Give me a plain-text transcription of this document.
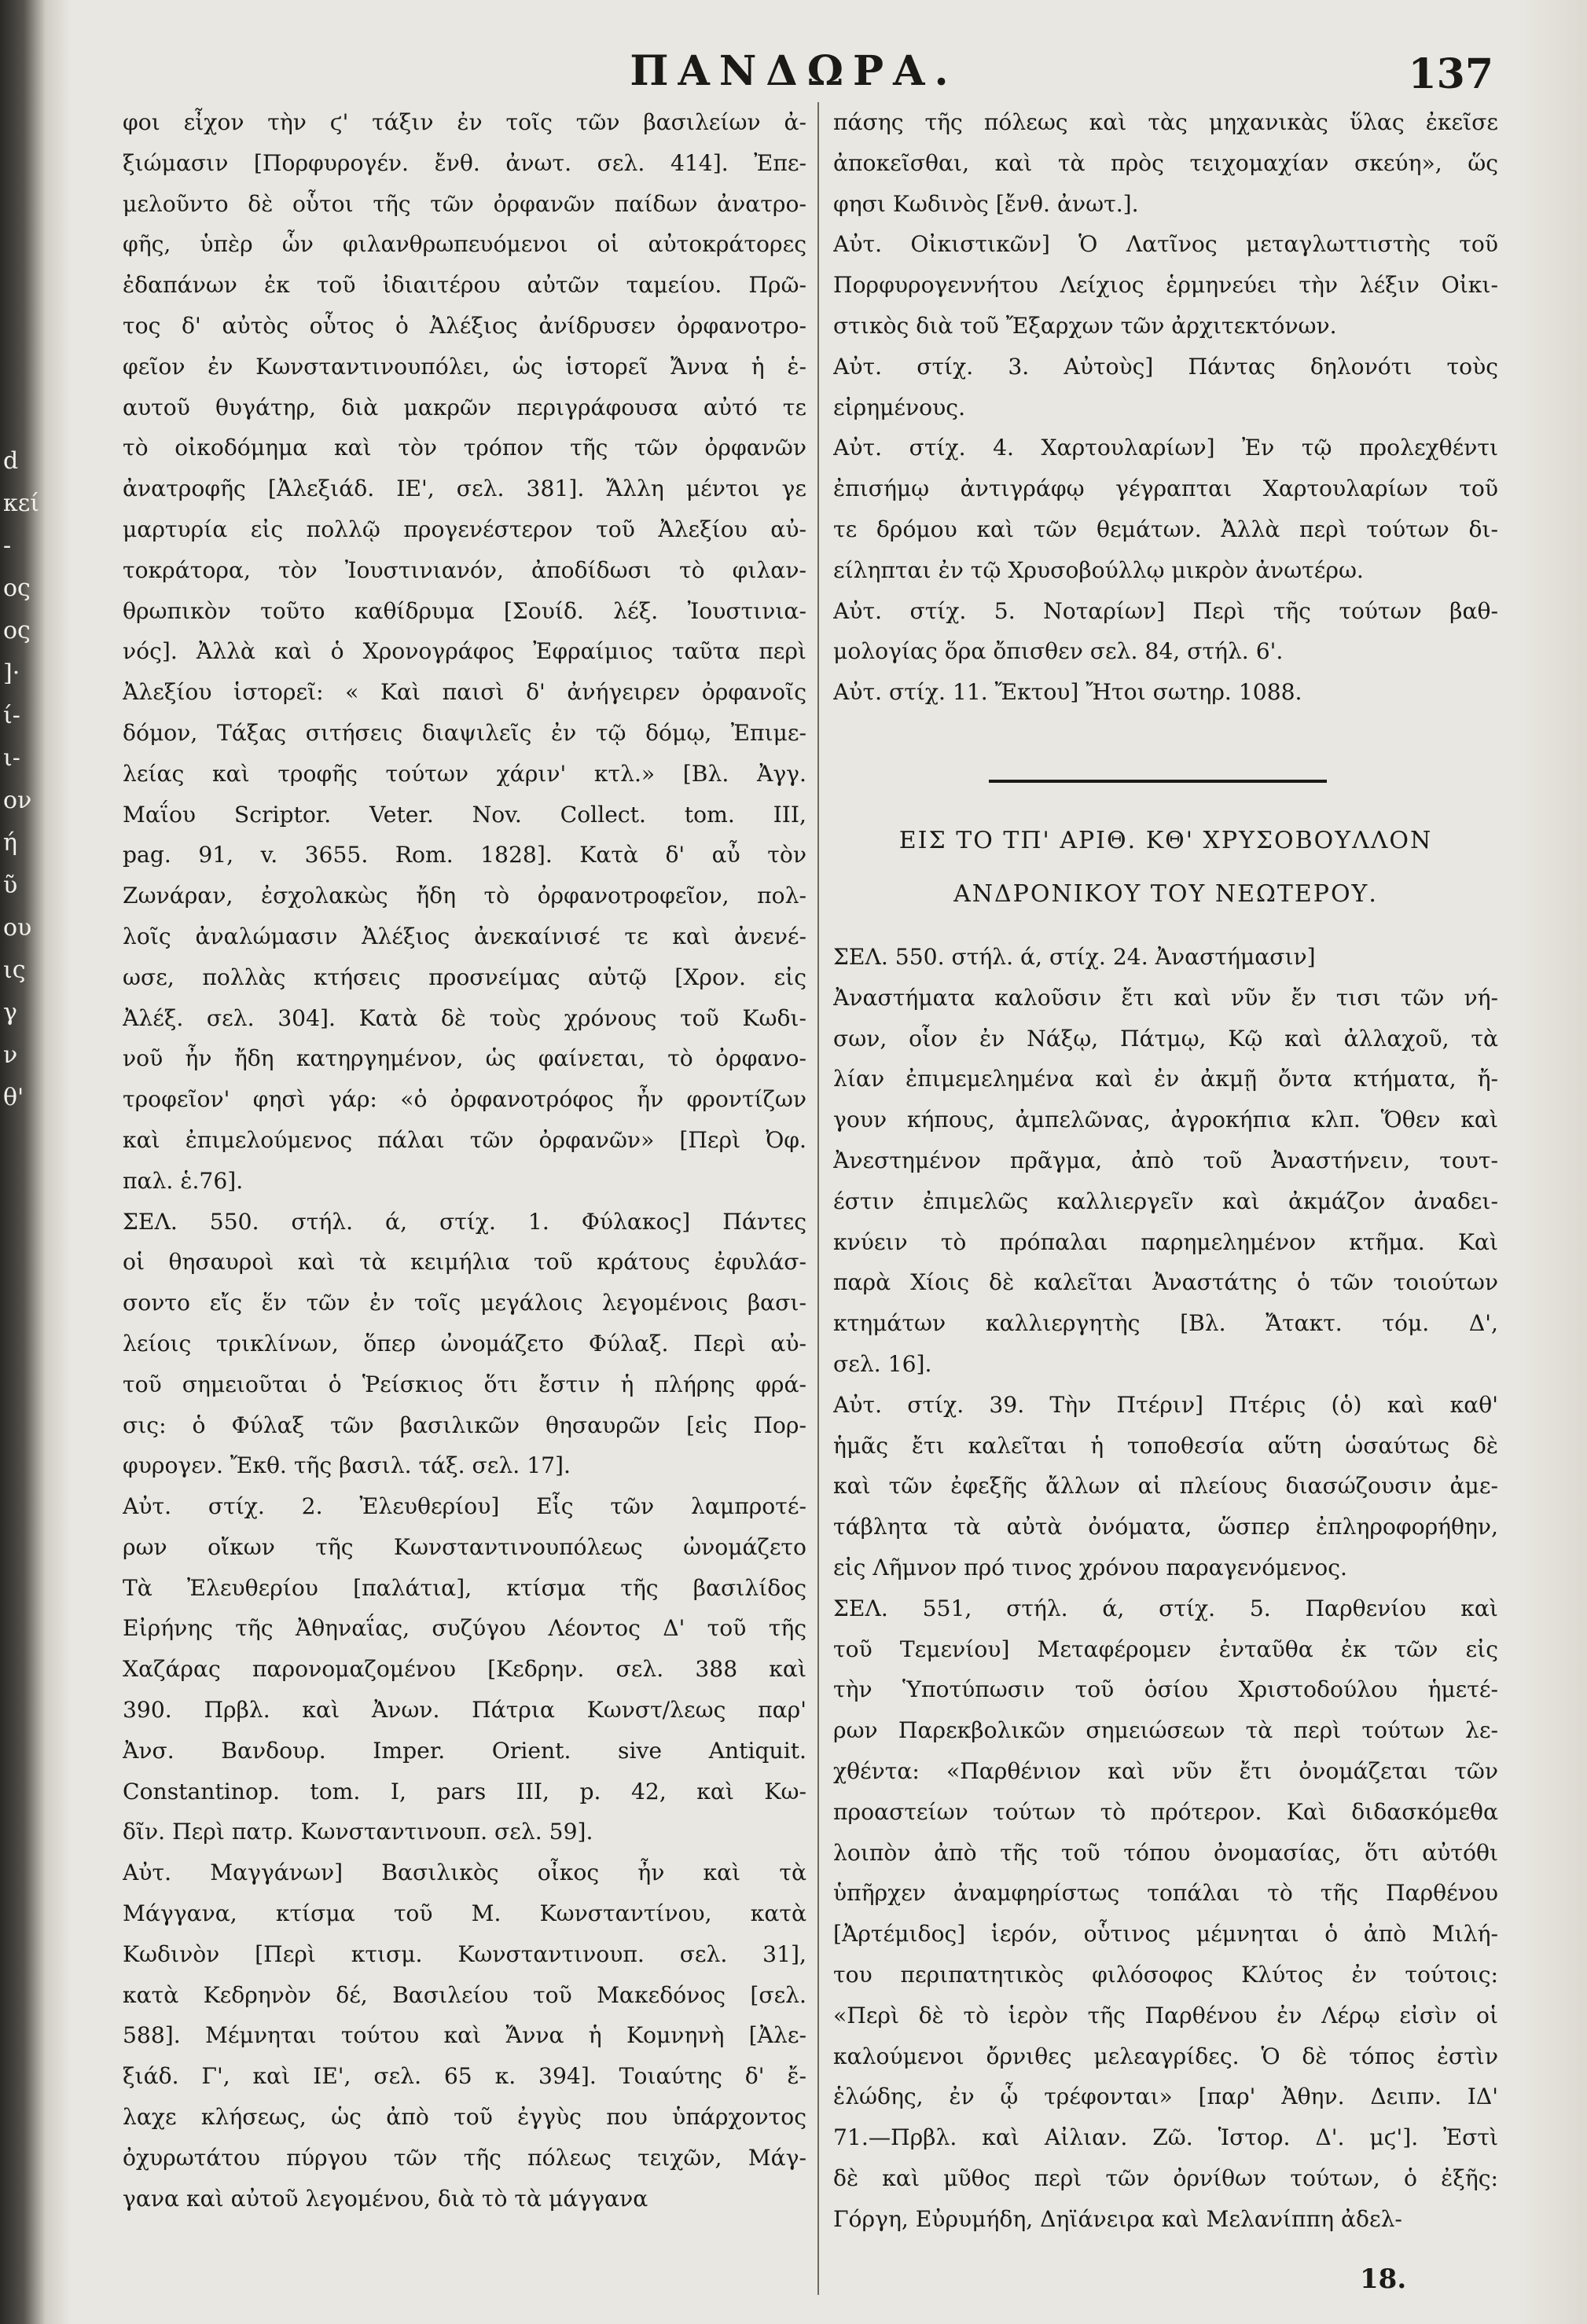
d
κεί
-
ος
ος
]·
ί-
ι-
ον
ή
ῦ
ου
ις
γ
ν
θ'
ΠΑΝΔΩΡΑ.	137
φοι εἶχον τὴν ϛ' τάξιν ἐν τοῖς τῶν βασιλείων ἀ-
ξιώμασιν [Πορφυρογέν. ἔνθ. ἀνωτ. σελ. 414]. Ἐπε-
μελοῦντο δὲ οὗτοι τῆς τῶν ὀρφανῶν παίδων ἀνατρο-
φῆς, ὑπὲρ ὧν φιλανθρωπευόμενοι οἱ αὐτοκράτορες
ἐδαπάνων ἐκ τοῦ ἰδιαιτέρου αὐτῶν ταμείου. Πρῶ-
τος δ' αὐτὸς οὗτος ὁ Ἀλέξιος ἀνίδρυσεν ὀρφανοτρο-
φεῖον ἐν Κωνσταντινουπόλει, ὡς ἱστορεῖ Ἄννα ἡ ἑ-
αυτοῦ θυγάτηρ, διὰ μακρῶν περιγράφουσα αὐτό τε
τὸ οἰκοδόμημα καὶ τὸν τρόπον τῆς τῶν ὀρφανῶν
ἀνατροφῆς [Ἀλεξιάδ. ΙΕ', σελ. 381]. Ἄλλη μέντοι γε
μαρτυρία εἰς πολλῷ προγενέστερον τοῦ Ἀλεξίου αὐ-
τοκράτορα, τὸν Ἰουστινιανόν, ἀποδίδωσι τὸ φιλαν-
θρωπικὸν τοῦτο καθίδρυμα [Σουίδ. λέξ. Ἰουστινια-
νός]. Ἀλλὰ καὶ ὁ Χρονογράφος Ἐφραίμιος ταῦτα περὶ
Ἀλεξίου ἱστορεῖ: « Καὶ παισὶ δ' ἀνήγειρεν ὀρφανοῖς
δόμον, Τάξας σιτήσεις διαψιλεῖς ἐν τῷ δόμῳ, Ἐπιμε-
λείας καὶ τροφῆς τούτων χάριν' κτλ.» [Βλ. Ἀγγ.
Μαΐου Scriptor. Veter. Nov. Collect. tom. III,
pag. 91, v. 3655. Rom. 1828]. Κατὰ δ' αὖ τὸν
Ζωνάραν, ἐσχολακὼς ἤδη τὸ ὀρφανοτροφεῖον, πολ-
λοῖς ἀναλώμασιν Ἀλέξιος ἀνεκαίνισέ τε καὶ ἀνενέ-
ωσε, πολλὰς κτήσεις προσνείμας αὐτῷ [Χρον. εἰς
Ἀλέξ. σελ. 304]. Κατὰ δὲ τοὺς χρόνους τοῦ Κωδι-
νοῦ ἦν ἤδη κατηργημένον, ὡς φαίνεται, τὸ ὀρφανο-
τροφεῖον' φησὶ γάρ: «ὁ ὀρφανοτρόφος ἦν φροντίζων
καὶ ἐπιμελούμενος πάλαι τῶν ὀρφανῶν» [Περὶ Ὀφ.
παλ. ἑ.76].
ΣΕΛ. 550. στήλ. ά, στίχ. 1. Φύλακος] Πάντες
οἱ θησαυροὶ καὶ τὰ κειμήλια τοῦ κράτους ἐφυλάσ-
σοντο εἴς ἕν τῶν ἐν τοῖς μεγάλοις λεγομένοις βασι-
λείοις τρικλίνων, ὅπερ ὠνομάζετο Φύλαξ. Περὶ αὐ-
τοῦ σημειοῦται ὁ Ῥείσκιος ὅτι ἔστιν ἡ πλήρης φρά-
σις: ὁ Φύλαξ τῶν βασιλικῶν θησαυρῶν [εἰς Πορ-
φυρογεν. Ἔκθ. τῆς βασιλ. τάξ. σελ. 17].
Αὐτ. στίχ. 2. Ἐλευθερίου] Εἷς τῶν λαμπροτέ-
ρων οἴκων τῆς Κωνσταντινουπόλεως ὠνομάζετο
Τὰ Ἐλευθερίου [παλάτια], κτίσμα τῆς βασιλίδος
Εἰρήνης τῆς Ἀθηναΐας, συζύγου Λέοντος Δ' τοῦ τῆς
Χαζάρας παρονομαζομένου [Κεδρην. σελ. 388 καὶ
390. Πρβλ. καὶ Ἀνων. Πάτρια Κωνστ/λεως παρ'
Ἀνσ. Βανδουρ. Imper. Orient. sive Antiquit.
Constantinop. tom. I, pars III, p. 42, καὶ Κω-
δῖν. Περὶ πατρ. Κωνσταντινουπ. σελ. 59].
Αὐτ. Μαγγάνων] Βασιλικὸς οἶκος ἦν καὶ τὰ
Μάγγανα, κτίσμα τοῦ Μ. Κωνσταντίνου, κατὰ
Κωδινὸν [Περὶ κτισμ. Κωνσταντινουπ. σελ. 31],
κατὰ Κεδρηνὸν δέ, Βασιλείου τοῦ Μακεδόνος [σελ.
588]. Μέμνηται τούτου καὶ Ἄννα ἡ Κομνηνὴ [Ἀλε-
ξιάδ. Γ', καὶ ΙΕ', σελ. 65 κ. 394]. Τοιαύτης δ' ἔ-
λαχε κλήσεως, ὡς ἀπὸ τοῦ ἐγγὺς που ὑπάρχοντος
ὀχυρωτάτου πύργου τῶν τῆς πόλεως τειχῶν, Μάγ-
γανα καὶ αὐτοῦ λεγομένου, διὰ τὸ τὰ μάγγανα
πάσης τῆς πόλεως καὶ τὰς μηχανικὰς ὕλας ἐκεῖσε
ἀποκεῖσθαι, καὶ τὰ πρὸς τειχομαχίαν σκεύη», ὥς
φησι Κωδινὸς [ἔνθ. ἀνωτ.].
Αὐτ. Οἰκιστικῶν] Ὁ Λατῖνος μεταγλωττιστὴς τοῦ
Πορφυρογεννήτου Λείχιος ἑρμηνεύει τὴν λέξιν Οἰκι-
στικὸς διὰ τοῦ Ἔξαρχων τῶν ἀρχιτεκτόνων.
Αὐτ. στίχ. 3. Αὐτοὺς] Πάντας δηλονότι τοὺς
εἰρημένους.
Αὐτ. στίχ. 4. Χαρτουλαρίων] Ἐν τῷ προλεχθέντι
ἐπισήμῳ ἀντιγράφῳ γέγραπται Χαρτουλαρίων τοῦ
τε δρόμου καὶ τῶν θεμάτων. Ἀλλὰ περὶ τούτων δι-
είληπται ἐν τῷ Χρυσοβούλλῳ μικρὸν ἀνωτέρω.
Αὐτ. στίχ. 5. Νοταρίων] Περὶ τῆς τούτων βαθ-
μολογίας ὅρα ὄπισθεν σελ. 84, στήλ. 6'.
Αὐτ. στίχ. 11. Ἔκτου] Ἤτοι σωτηρ. 1088.
ΕΙΣ ΤΟ ΤΠ' ΑΡΙΘ. ΚΘ' ΧΡΥΣΟΒΟΥΛΛΟΝ
ΑΝΔΡΟΝΙΚΟΥ ΤΟΥ ΝΕΩΤΕΡΟΥ.
ΣΕΛ. 550. στήλ. ά, στίχ. 24. Ἀναστήμασιν]
Ἀναστήματα καλοῦσιν ἔτι καὶ νῦν ἔν τισι τῶν νή-
σων, οἷον ἐν Νάξῳ, Πάτμῳ, Κῷ καὶ ἀλλαχοῦ, τὰ
λίαν ἐπιμεμελημένα καὶ ἐν ἀκμῇ ὄντα κτήματα, ἤ-
γουν κήπους, ἀμπελῶνας, ἀγροκήπια κλπ. Ὅθεν καὶ
Ἀνεστημένον πρᾶγμα, ἀπὸ τοῦ Ἀναστήνειν, τουτ-
έστιν ἐπιμελῶς καλλιεργεῖν καὶ ἀκμάζον ἀναδει-
κνύειν τὸ πρόπαλαι παρημελημένον κτῆμα. Καὶ
παρὰ Χίοις δὲ καλεῖται Ἀναστάτης ὁ τῶν τοιούτων
κτημάτων καλλιεργητὴς [Βλ. Ἄτακτ. τόμ. Δ',
σελ. 16].
Αὐτ. στίχ. 39. Τὴν Πτέριν] Πτέρις (ὁ) καὶ καθ'
ἡμᾶς ἔτι καλεῖται ἡ τοποθεσία αὕτη ὡσαύτως δὲ
καὶ τῶν ἐφεξῆς ἄλλων αἱ πλείους διασώζουσιν ἀμε-
τάβλητα τὰ αὐτὰ ὀνόματα, ὥσπερ ἐπληροφορήθην,
εἰς Λῆμνον πρό τινος χρόνου παραγενόμενος.
ΣΕΛ. 551, στήλ. ά, στίχ. 5. Παρθενίου καὶ
τοῦ Τεμενίου] Μεταφέρομεν ἐνταῦθα ἐκ τῶν εἰς
τὴν Ὑποτύπωσιν τοῦ ὁσίου Χριστοδούλου ἡμετέ-
ρων Παρεκβολικῶν σημειώσεων τὰ περὶ τούτων λε-
χθέντα: «Παρθένιον καὶ νῦν ἔτι ὀνομάζεται τῶν
προαστείων τούτων τὸ πρότερον. Καὶ διδασκόμεθα
λοιπὸν ἀπὸ τῆς τοῦ τόπου ὀνομασίας, ὅτι αὐτόθι
ὑπῆρχεν ἀναμφηρίστως τοπάλαι τὸ τῆς Παρθένου
[Ἀρτέμιδος] ἱερόν, οὗτινος μέμνηται ὁ ἀπὸ Μιλή-
του περιπατητικὸς φιλόσοφος Κλύτος ἐν τούτοις:
«Περὶ δὲ τὸ ἱερὸν τῆς Παρθένου ἐν Λέρῳ εἰσὶν οἱ
καλούμενοι ὄρνιθες μελεαγρίδες. Ὁ δὲ τόπος ἐστὶν
ἑλώδης, ἐν ᾧ τρέφονται» [παρ' Ἀθην. Δειπν. ΙΔ'
71.—Πρβλ. καὶ Αἰλιαν. Ζῶ. Ἱστορ. Δ'. μϛ']. Ἐστὶ
δὲ καὶ μῦθος περὶ τῶν ὀρνίθων τούτων, ὁ ἐξῆς:
Γόργη, Εὐρυμήδη, Δηϊάνειρα καὶ Μελανίππη ἀδελ-
18.
